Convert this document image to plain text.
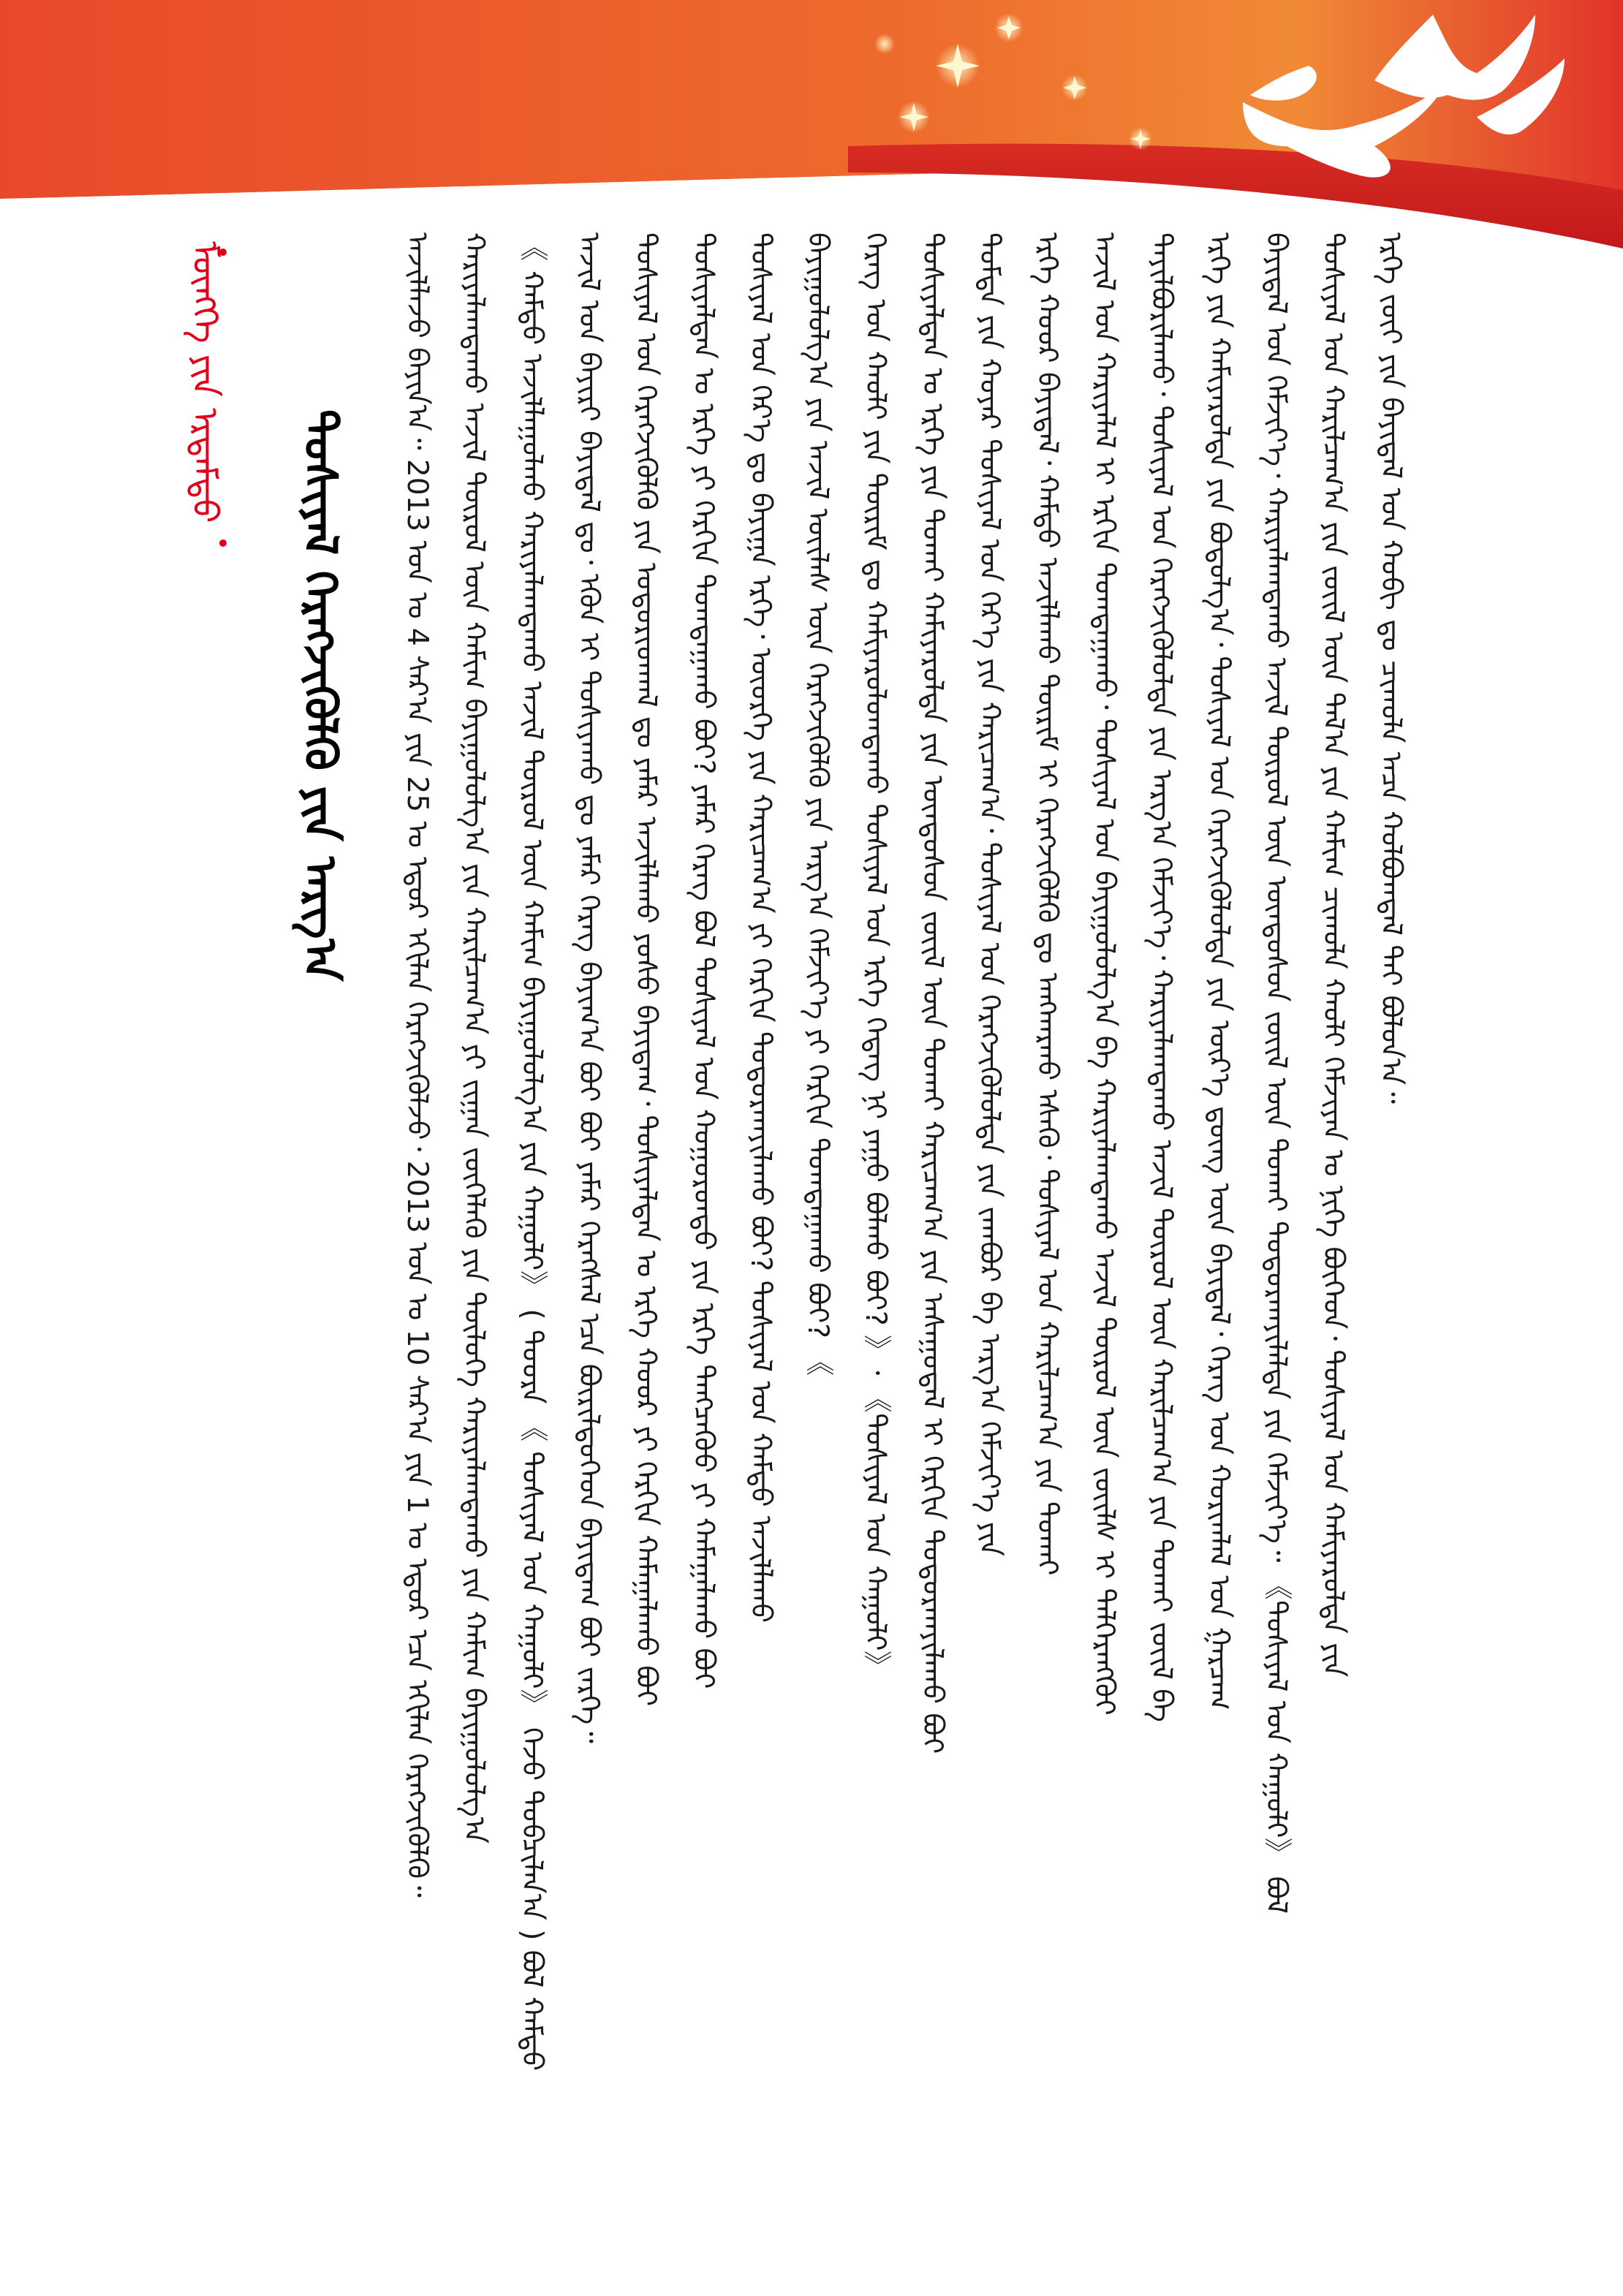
ᠠᠵᠢᠯᠯᠠᠵᠤ ᠪᠠᠶᠢᠨ᠎ᠠ᠃ 2013 ᠣᠨ ᠤ 4 ᠰᠠᠷ᠎ᠠ ᠶᠢᠨ 25 ᠤ ᠡᠳᠦᠷ ᠡᠬᠢᠯᠡᠨ ᠬᠡᠷᠡᠭᠵᠢᠭᠦᠯᠵᠦ᠂ 2013 ᠣᠨ ᠤ 10 ᠰᠠᠷ᠎ᠠ ᠶᠢᠨ 1 ᠤ ᠡᠳᠦᠷ ᠡᠴᠡ ᠡᠬᠢᠯᠡᠨ ᠬᠡᠷᠡᠭᠵᠢᠭᠦᠯᠬᠦ᠃ ᠬᠠᠷᠢᠶᠠᠯᠠᠭᠳᠠᠬᠤ ᠠᠵᠢᠯ ᠲᠥᠷᠥᠯ ᠦᠨ ᠬᠠᠮᠢᠭ ᠪᠠᠶᠢᠭᠤᠯᠤᠯᠭ᠎ᠠ ᠶᠢᠨ ᠬᠠᠷᠢᠯᠴᠠᠭ᠎ᠠ ᠶᠢ ᠵᠢᠭᠠᠨ ᠵᠦᠬᠡᠯᠡᠬᠦ ᠶᠢᠨ ᠲᠥᠯᠥᠭᠡ ᠬᠠᠷᠢᠶᠠᠯᠠᠭᠳᠠᠬᠤ ᠶᠢᠨ ᠬᠠᠮᠢᠭ ᠪᠠᠶᠢᠭᠤᠯᠤᠯᠭ᠎ᠠ 《 ᠬᠠᠮᠲᠤ ᠠᠵᠢᠯᠯᠠᠭᠤᠯᠬᠤ ᠬᠠᠷᠢᠶᠠᠯᠠᠭᠳᠠᠬᠤ ᠠᠵᠢᠯ ᠲᠥᠷᠥᠯ ᠦᠨ ᠬᠠᠮᠢᠭ ᠪᠠᠶᠢᠭᠤᠯᠤᠯᠭ᠎ᠠ ᠶᠢᠨ ᠬᠠᠭᠤᠯᠢ》 ( ᠳᠣᠣᠷᠠ 《 ᠲᠤᠰᠢᠶᠠᠯ ᠤᠨ ᠬᠠᠭᠤᠯᠢ》 ᠭᠡᠵᠦ ᠲᠣᠪᠴᠢᠯᠠᠨ᠎ᠠ ) ᠪᠣᠯ ᠬᠠᠮᠲᠤ ᠠᠵᠢᠯ ᠤᠨ ᠪᠠᠶᠢᠷᠢ ᠪᠠᠶᠢᠳᠠᠯ ᠳᠤ᠂ ᠡᠭᠦᠨ ᠢ ᠲᠤᠰᠢᠶᠠᠬᠤ ᠳᠤ ᠶᠠᠮᠠᠷ ᠬᠡᠷᠡᠭ ᠪᠠᠶᠢᠭ᠎ᠠ ᠪᠣᠢ ᠪᠣᠢ ᠶᠠᠮᠠᠷ ᠬᠡᠷᠡᠭᠰᠡᠯ ᠡᠴᠡ ᠪᠦᠷᠢᠯᠳᠦᠭᠡᠳ ᠪᠠᠶᠢᠳᠠᠭ ᠪᠤᠢ ᠵᠡᠷᠭᠡ᠃ ᠲᠤᠰᠢᠶᠠᠯ ᠤᠨ ᠬᠡᠷᠡᠭᠵᠢᠭᠦᠯᠬᠦ ᠶᠢᠨ ᠤᠳᠤᠷᠢᠳᠬᠠᠯ ᠳᠤ ᠶᠠᠮᠠᠷ ᠠᠵᠢᠯᠯᠠᠬᠤ ᠶᠣᠰᠤ ᠪᠠᠶᠢᠳᠠᠭ᠂ ᠲᠤᠰᠢᠶᠠᠯᠲᠠᠨ ᠤ ᠡᠷᠬᠡ ᠬᠣᠣᠷ ᠶᠢ ᠬᠡᠷᠬᠢᠨ ᠬᠠᠮᠠᠭᠠᠯᠠᠬᠤ ᠪᠤᠢ ᠲᠤᠰᠢᠶᠠᠯᠲᠠᠨ ᠤ ᠡᠷᠬᠡ ᠶᠢ ᠬᠡᠷᠬᠢᠨ ᠲᠣᠭᠲᠠᠭᠠᠬᠤ ᠪᠤᠢ? ᠶᠠᠮᠠᠷ ᠬᠡᠷᠡᠭ ᠪᠣᠯ ᠲᠤᠰᠢᠶᠠᠯ ᠤᠨ ᠬᠣᠭᠤᠷᠣᠨᠳᠣ ᠶᠢᠨ ᠡᠷᠬᠡ ᠲᠡᠩᠴᠡᠭᠦᠦ ᠶᠢ ᠬᠠᠮᠠᠭᠠᠯᠠᠬᠤ ᠪᠤᠢ ᠲᠤᠰᠢᠶᠠᠯ ᠤᠨ ᠭᠡᠷ᠎ᠡ ᠳᠤ ᠪᠠᠶᠢᠭᠠ ᠡᠷᠬᠡ᠂ ᠦᠦᠷᠭᠡ ᠶᠢᠨ ᠬᠠᠷᠢᠴᠠᠭ᠎ᠠ ᠶᠢ ᠬᠡᠷᠬᠢᠨ ᠲᠣᠳᠣᠷᠬᠠᠶᠢᠯᠠᠬᠤ ᠪᠤᠢ? ᠲᠤᠰᠢᠶᠠᠯ ᠤᠨ ᠬᠠᠮᠲᠤ ᠠᠵᠢᠯᠯᠠᠬᠤ ᠪᠠᠶᠢᠭᠤᠯᠤᠯᠭ᠎ᠠ ᠶᠢᠨ ᠠᠵᠢᠯ ᠦᠢᠯᠡᠰ ᠦᠨ ᠬᠡᠷᠡᠭᠵᠢᠭᠦᠯᠬᠦ ᠶᠢᠨ ᠠᠷᠭ᠎ᠠ ᠬᠡᠮᠵᠢᠶ᠎ᠡ ᠶᠢ ᠬᠡᠷᠬᠢᠨ ᠲᠣᠭᠲᠠᠭᠠᠬᠤ ᠪᠤᠢ? 《 ᠬᠡᠷᠡᠭ ᠤᠨ ᠬᠠᠤᠯᠢ ᠶᠢᠨ ᠳᠦᠷᠢᠮ ᠳᠤ ᠬᠠᠮᠢᠶᠠᠷᠤᠯᠤᠭᠳᠠᠬᠤ ᠲᠤᠰᠢᠶᠠᠯ ᠤᠨ ᠡᠷᠬᠡ ᠭᠡᠳᠡᠭ ᠨᠢ ᠶᠠᠭᠤ ᠪᠣᠯᠬᠤ ᠪᠤᠢ? 》᠂ 《ᠲᠤᠰᠢᠶᠠᠯ ᠤᠨ ᠬᠠᠭᠤᠯᠢ》 ᠲᠤᠰᠢᠶᠠᠯᠲᠠᠨ ᠤ ᠡᠷᠬᠡ ᠶᠢᠨ ᠲᠤᠬᠠᠢ ᠬᠠᠮᠢᠶᠠᠷᠤᠯᠲᠠ ᠶᠢᠨ ᠦᠨᠳᠦᠰᠦᠨ ᠵᠦᠢᠯ ᠦᠨ ᠲᠤᠬᠠᠢ ᠬᠠᠷᠢᠴᠠᠭ᠎ᠠ ᠶᠢᠨ ᠠᠰᠠᠭᠤᠳᠠᠯ ᠢ ᠬᠡᠷᠬᠢᠨ ᠲᠣᠳᠣᠷᠬᠠᠶᠢᠯᠠᠬᠤ ᠪᠤᠢ ᠳᠤᠮᠳᠠ ᠶᠢᠨ ᠬᠣᠶᠠᠷ ᠲᠤᠰᠢᠶᠠᠯ ᠤᠨ ᠭᠡᠷ᠎ᠡ ᠶᠢᠨ ᠬᠠᠷᠢᠴᠠᠭ᠎ᠠ᠂ ᠲᠤᠰᠢᠶᠠᠯ ᠤᠨ ᠬᠡᠷᠡᠭᠵᠢᠭᠦᠯᠦᠯᠲᠡ ᠶᠢᠨ ᠵᠠᠭᠪᠤᠷ ᠪᠠ ᠠᠷᠭ᠎ᠠ ᠬᠡᠮᠵᠢᠶ᠎ᠡ ᠶᠢᠨ ᠡᠷᠬᠡ ᠬᠣᠣᠷ ᠪᠠᠶᠢᠳᠠᠯ᠂ ᠬᠠᠮᠲᠤ ᠠᠵᠢᠯᠯᠠᠬᠤ ᠳᠦᠷᠢᠮ ᠢ ᠬᠡᠷᠡᠭᠵᠢᠭᠦᠯᠬᠦ ᠳᠤ ᠠᠩᠬᠠᠷᠬᠤ ᠡᠰᠡᠬᠦ᠂ ᠲᠤᠰᠢᠶᠠᠯ ᠤᠨ ᠬᠠᠷᠢᠯᠴᠠᠭ᠎ᠠ ᠶᠢᠨ ᠲᠤᠬᠠᠢ ᠠᠵᠢᠯ ᠤᠨ ᠬᠠᠷᠢᠶᠠᠯᠠᠯ ᠢ ᠡᠷᠭᠢᠨ ᠲᠣᠭᠲᠠᠭᠠᠬᠤ᠂ ᠲᠤᠰᠢᠶᠠᠯ ᠤᠨ ᠪᠠᠶᠢᠭᠤᠯᠤᠯᠭ᠎ᠠ ᠪᠠ ᠬᠠᠷᠢᠶᠠᠯᠠᠭᠳᠠᠬᠤ ᠠᠵᠢᠯ ᠲᠥᠷᠥᠯ ᠦᠨ ᠵᠦᠢᠯᠰ ᠢ ᠳᠡᠯᠭᠡᠷᠡᠩᠭᠦᠢ ᠲᠠᠶᠢᠯᠪᠤᠷᠢᠯᠠᠬᠤ᠂ ᠲᠤᠰᠢᠶᠠᠯ ᠤᠨ ᠬᠡᠷᠡᠭᠵᠢᠭᠦᠯᠦᠯᠲᠡ ᠶᠢᠨ ᠠᠷᠭ᠎ᠠ ᠬᠡᠮᠵᠢᠶ᠎ᠡ᠂ ᠬᠠᠷᠢᠶᠠᠯᠠᠭᠳᠠᠬᠤ ᠠᠵᠢᠯ ᠲᠥᠷᠥᠯ ᠦᠨ ᠬᠠᠷᠢᠯᠴᠠᠭ᠎ᠠ ᠶᠢᠨ ᠲᠤᠬᠠᠢ ᠵᠦᠢᠯ ᠪᠠ ᠡᠷᠬᠡ ᠶᠢᠨ ᠬᠠᠮᠢᠶᠠᠷᠤᠯᠲᠠ ᠶᠢᠨ ᠪᠣᠳᠤᠯᠭ᠎ᠠ᠂ ᠲᠤᠰᠢᠶᠠᠯ ᠤᠨ ᠬᠡᠷᠡᠭᠵᠢᠭᠦᠯᠦᠯᠲᠡ ᠶᠢᠨ ᠦᠷ᠎ᠡ ᠳ᠋ᠦᠩ ᠦᠨ ᠪᠠᠶᠢᠳᠠᠯ᠂ ᠬᠡᠷᠡᠭ ᠤᠨ ᠬᠣᠷᠢᠭᠯᠠᠯ ᠤᠨ ᠭᠠᠷᠴᠠᠭ ᠪᠠᠶᠢᠳᠠᠯ ᠤᠨ ᠬᠡᠮᠵᠢᠶ᠎ᠡ᠂ ᠬᠠᠷᠢᠶᠠᠯᠠᠭᠳᠠᠬᠤ ᠠᠵᠢᠯ ᠲᠥᠷᠥᠯ ᠦᠨ ᠦᠨᠳᠦᠰᠦᠨ ᠵᠦᠢᠯ ᠦᠨ ᠲᠤᠬᠠᠢ ᠲᠣᠳᠣᠷᠬᠠᠶᠢᠯᠠᠯᠲᠠ ᠶᠢᠨ ᠬᠡᠮᠵᠢᠶ᠎ᠡ᠃ 《ᠲᠤᠰᠢᠶᠠᠯ ᠤᠨ ᠬᠠᠭᠤᠯᠢ》 ᠪᠣᠯ ᠲᠤᠰᠢᠶᠠᠯ ᠤᠨ ᠬᠠᠷᠢᠯᠴᠠᠭ᠎ᠠ ᠶᠢᠨ ᠵᠦᠢᠯ ᠦᠨ ᠲᠠᠯ᠎ᠠ ᠶᠢᠨ ᠬᠠᠮᠢᠭ ᠴᠢᠬᠤᠯᠠ ᠬᠠᠤᠯᠢ ᠬᠡᠮᠵᠢᠶᠡᠨ ᠤ ᠨᠢᠭᠡ ᠪᠥᠭᠡᠳ᠂ ᠲᠤᠰᠢᠶᠠᠯ ᠤᠨ ᠬᠠᠮᠢᠶᠠᠷᠤᠯᠲᠠ ᠶᠢᠨ ᠡᠷᠬᠡ ᠵᠦᠢ ᠶᠢᠨ ᠪᠠᠶᠢᠳᠠᠯ ᠤᠨ ᠬᠤᠪᠢ ᠳᠤ ᠴᠢᠬᠤᠯᠠ ᠠᠴᠠ ᠬᠣᠯᠪᠣᠭᠳᠠᠯ ᠲᠠᠶ ᠪᠣᠯᠤᠨ᠎ᠠ᠃
ᠲᠤᠰᠢᠶᠠᠯ ᠬᠡᠷᠡᠭᠵᠢᠬᠦᠯᠬᠦ ᠶᠢᠨ ᠠᠷᠭ᠎ᠠ
ᠮᠥᠩᠬᠡ ᠶᠢᠨ ᠡᠷᠳᠡᠮᠲᠦ
